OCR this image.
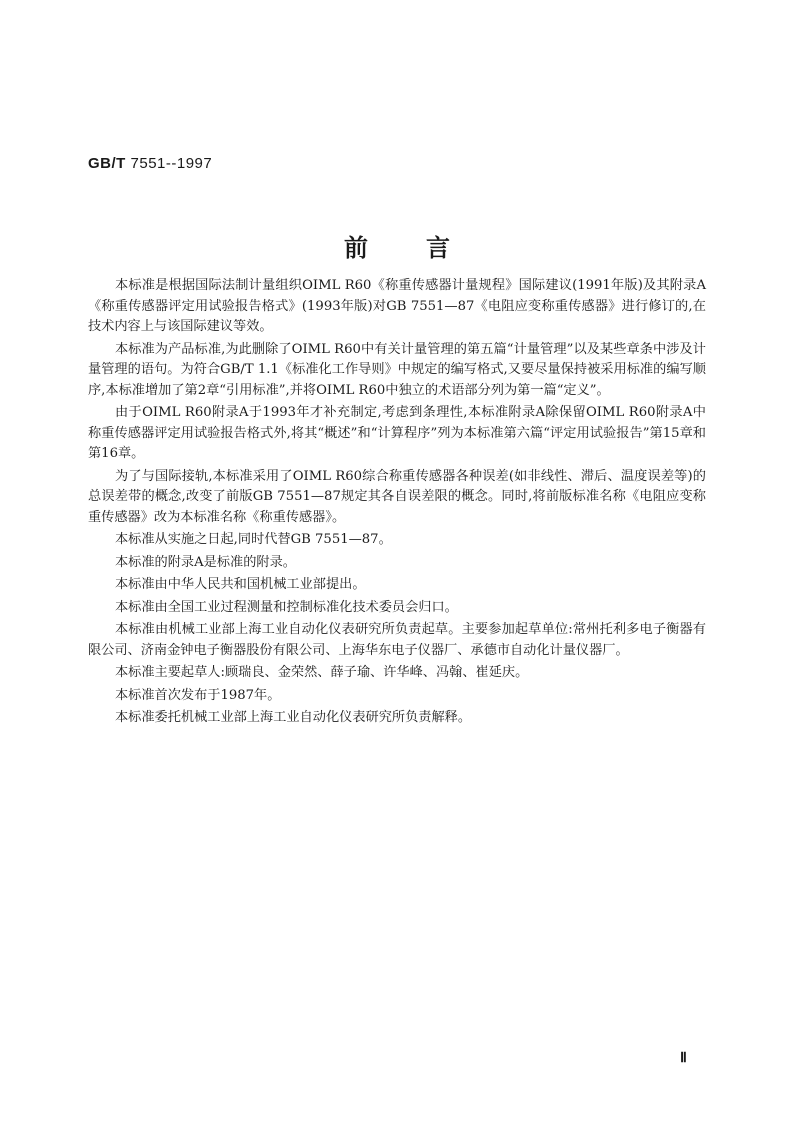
GB/T 7551--1997
前言

本标准是根据国际法制计量组织OIML R60《称重传感器计量规程》国际建议(1991年版)及其附录A《称重传感器评定用试验报告格式》(1993年版)对GB 7551—87《电阻应变称重传感器》进行修订的,在技术内容上与该国际建议等效。

本标准为产品标准,为此删除了OIML R60中有关计量管理的第五篇“计量管理”以及某些章条中涉及计量管理的语句。为符合GB/T 1.1《标准化工作导则》中规定的编写格式,又要尽量保持被采用标准的编写顺序,本标准增加了第2章“引用标准”,并将OIML R60中独立的术语部分列为第一篇“定义”。

由于OIML R60附录A于1993年才补充制定,考虑到条理性,本标准附录A除保留OIML R60附录A中称重传感器评定用试验报告格式外,将其“概述”和“计算程序”列为本标准第六篇“评定用试验报告”第15章和第16章。

为了与国际接轨,本标准采用了OIML R60综合称重传感器各种误差(如非线性、滞后、温度误差等)的总误差带的概念,改变了前版GB 7551—87规定其各自误差限的概念。同时,将前版标准名称《电阻应变称重传感器》改为本标准名称《称重传感器》。

本标准从实施之日起,同时代替GB 7551—87。

本标准的附录A是标准的附录。

本标准由中华人民共和国机械工业部提出。

本标准由全国工业过程测量和控制标准化技术委员会归口。

本标准由机械工业部上海工业自动化仪表研究所负责起草。主要参加起草单位:常州托利多电子衡器有限公司、济南金钟电子衡器股份有限公司、上海华东电子仪器厂、承德市自动化计量仪器厂。

本标准主要起草人:顾瑞良、金荣然、薛子瑜、许华峰、冯翰、崔延庆。

本标准首次发布于1987年。

本标准委托机械工业部上海工业自动化仪表研究所负责解释。

Ⅱ
